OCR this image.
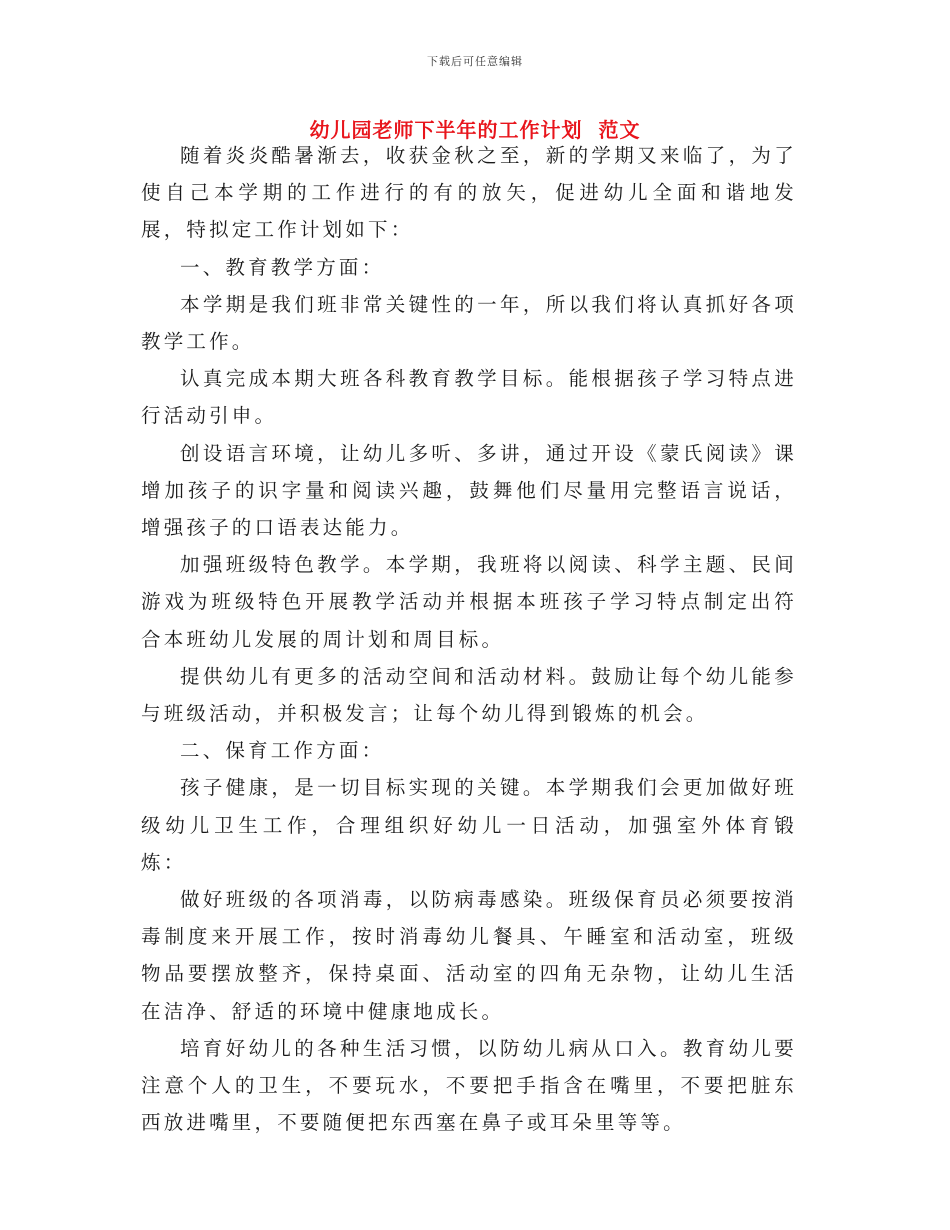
下载后可任意编辑
幼儿园老师下半年的工作计划  范文

随着炎炎酷暑渐去，收获金秋之至，新的学期又来临了，为了使自己本学期的工作进行的有的放矢，促进幼儿全面和谐地发展，特拟定工作计划如下：

一、教育教学方面：

本学期是我们班非常关键性的一年，所以我们将认真抓好各项教学工作。

认真完成本期大班各科教育教学目标。能根据孩子学习特点进行活动引申。

创设语言环境，让幼儿多听、多讲，通过开设《蒙氏阅读》课增加孩子的识字量和阅读兴趣，鼓舞他们尽量用完整语言说话，增强孩子的口语表达能力。

加强班级特色教学。本学期，我班将以阅读、科学主题、民间游戏为班级特色开展教学活动并根据本班孩子学习特点制定出符合本班幼儿发展的周计划和周目标。

提供幼儿有更多的活动空间和活动材料。鼓励让每个幼儿能参与班级活动，并积极发言；让每个幼儿得到锻炼的机会。

二、保育工作方面：

孩子健康，是一切目标实现的关键。本学期我们会更加做好班级幼儿卫生工作，合理组织好幼儿一日活动，加强室外体育锻炼：

做好班级的各项消毒，以防病毒感染。班级保育员必须要按消毒制度来开展工作，按时消毒幼儿餐具、午睡室和活动室，班级物品要摆放整齐，保持桌面、活动室的四角无杂物，让幼儿生活在洁净、舒适的环境中健康地成长。

培育好幼儿的各种生活习惯，以防幼儿病从口入。教育幼儿要注意个人的卫生，不要玩水，不要把手指含在嘴里，不要把脏东西放进嘴里，不要随便把东西塞在鼻子或耳朵里等等。
